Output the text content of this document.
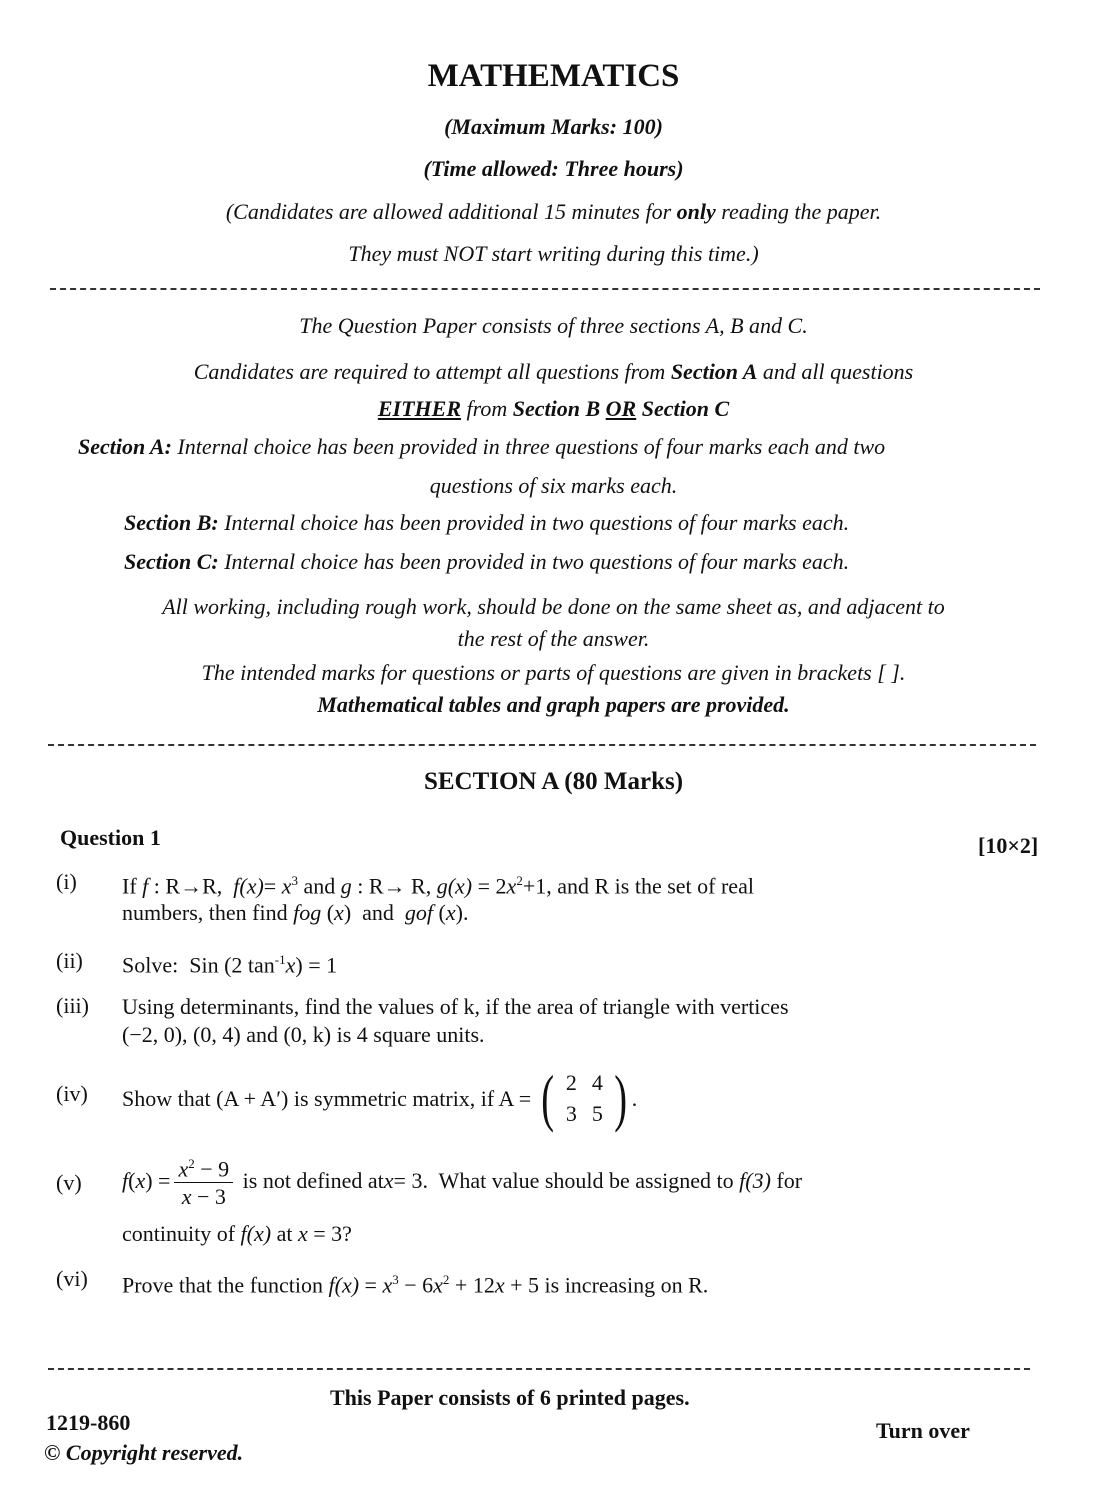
MATHEMATICS
(Maximum Marks: 100)
(Time allowed: Three hours)
(Candidates are allowed additional 15 minutes for only reading the paper.
They must NOT start writing during this time.)
The Question Paper consists of three sections A, B and C.
Candidates are required to attempt all questions from Section A and all questions
EITHER from Section B OR Section C
Section A: Internal choice has been provided in three questions of four marks each and two
questions of six marks each.
Section B: Internal choice has been provided in two questions of four marks each.
Section C: Internal choice has been provided in two questions of four marks each.
All working, including rough work, should be done on the same sheet as, and adjacent to
the rest of the answer.
The intended marks for questions or parts of questions are given in brackets [ ].
Mathematical tables and graph papers are provided.
SECTION A (80 Marks)
Question 1	[10×2]
(i) If f : R→R,  $f(x)= x^3$ and g : R→ R, $g(x) = 2x^2+1$, and R is the set of real
numbers, then find fog (x)  and  gof (x).
(ii) Solve:  Sin (2 $\tan^{-1}x) = 1$
(iii) Using determinants, find the values of k, if the area of triangle with vertices
(−2, 0), (0, 4) and (0, k) is 4 square units.
(iv) Show that (A + A′) is symmetric matrix, if A = ( 2 4
3 5 ) .
(v) f ( x ) = $\frac{x^2 - 9}{x - 3}$ is not defined at x = 3.  What value should be assigned to f(3) for
continuity of f(x) at x = 3?
(vi) Prove that the function $f(x) = x^3 - 6x^2 + 12x + 5$ is increasing on R.
This Paper consists of 6 printed pages.
1219-860
© Copyright reserved.
Turn over
